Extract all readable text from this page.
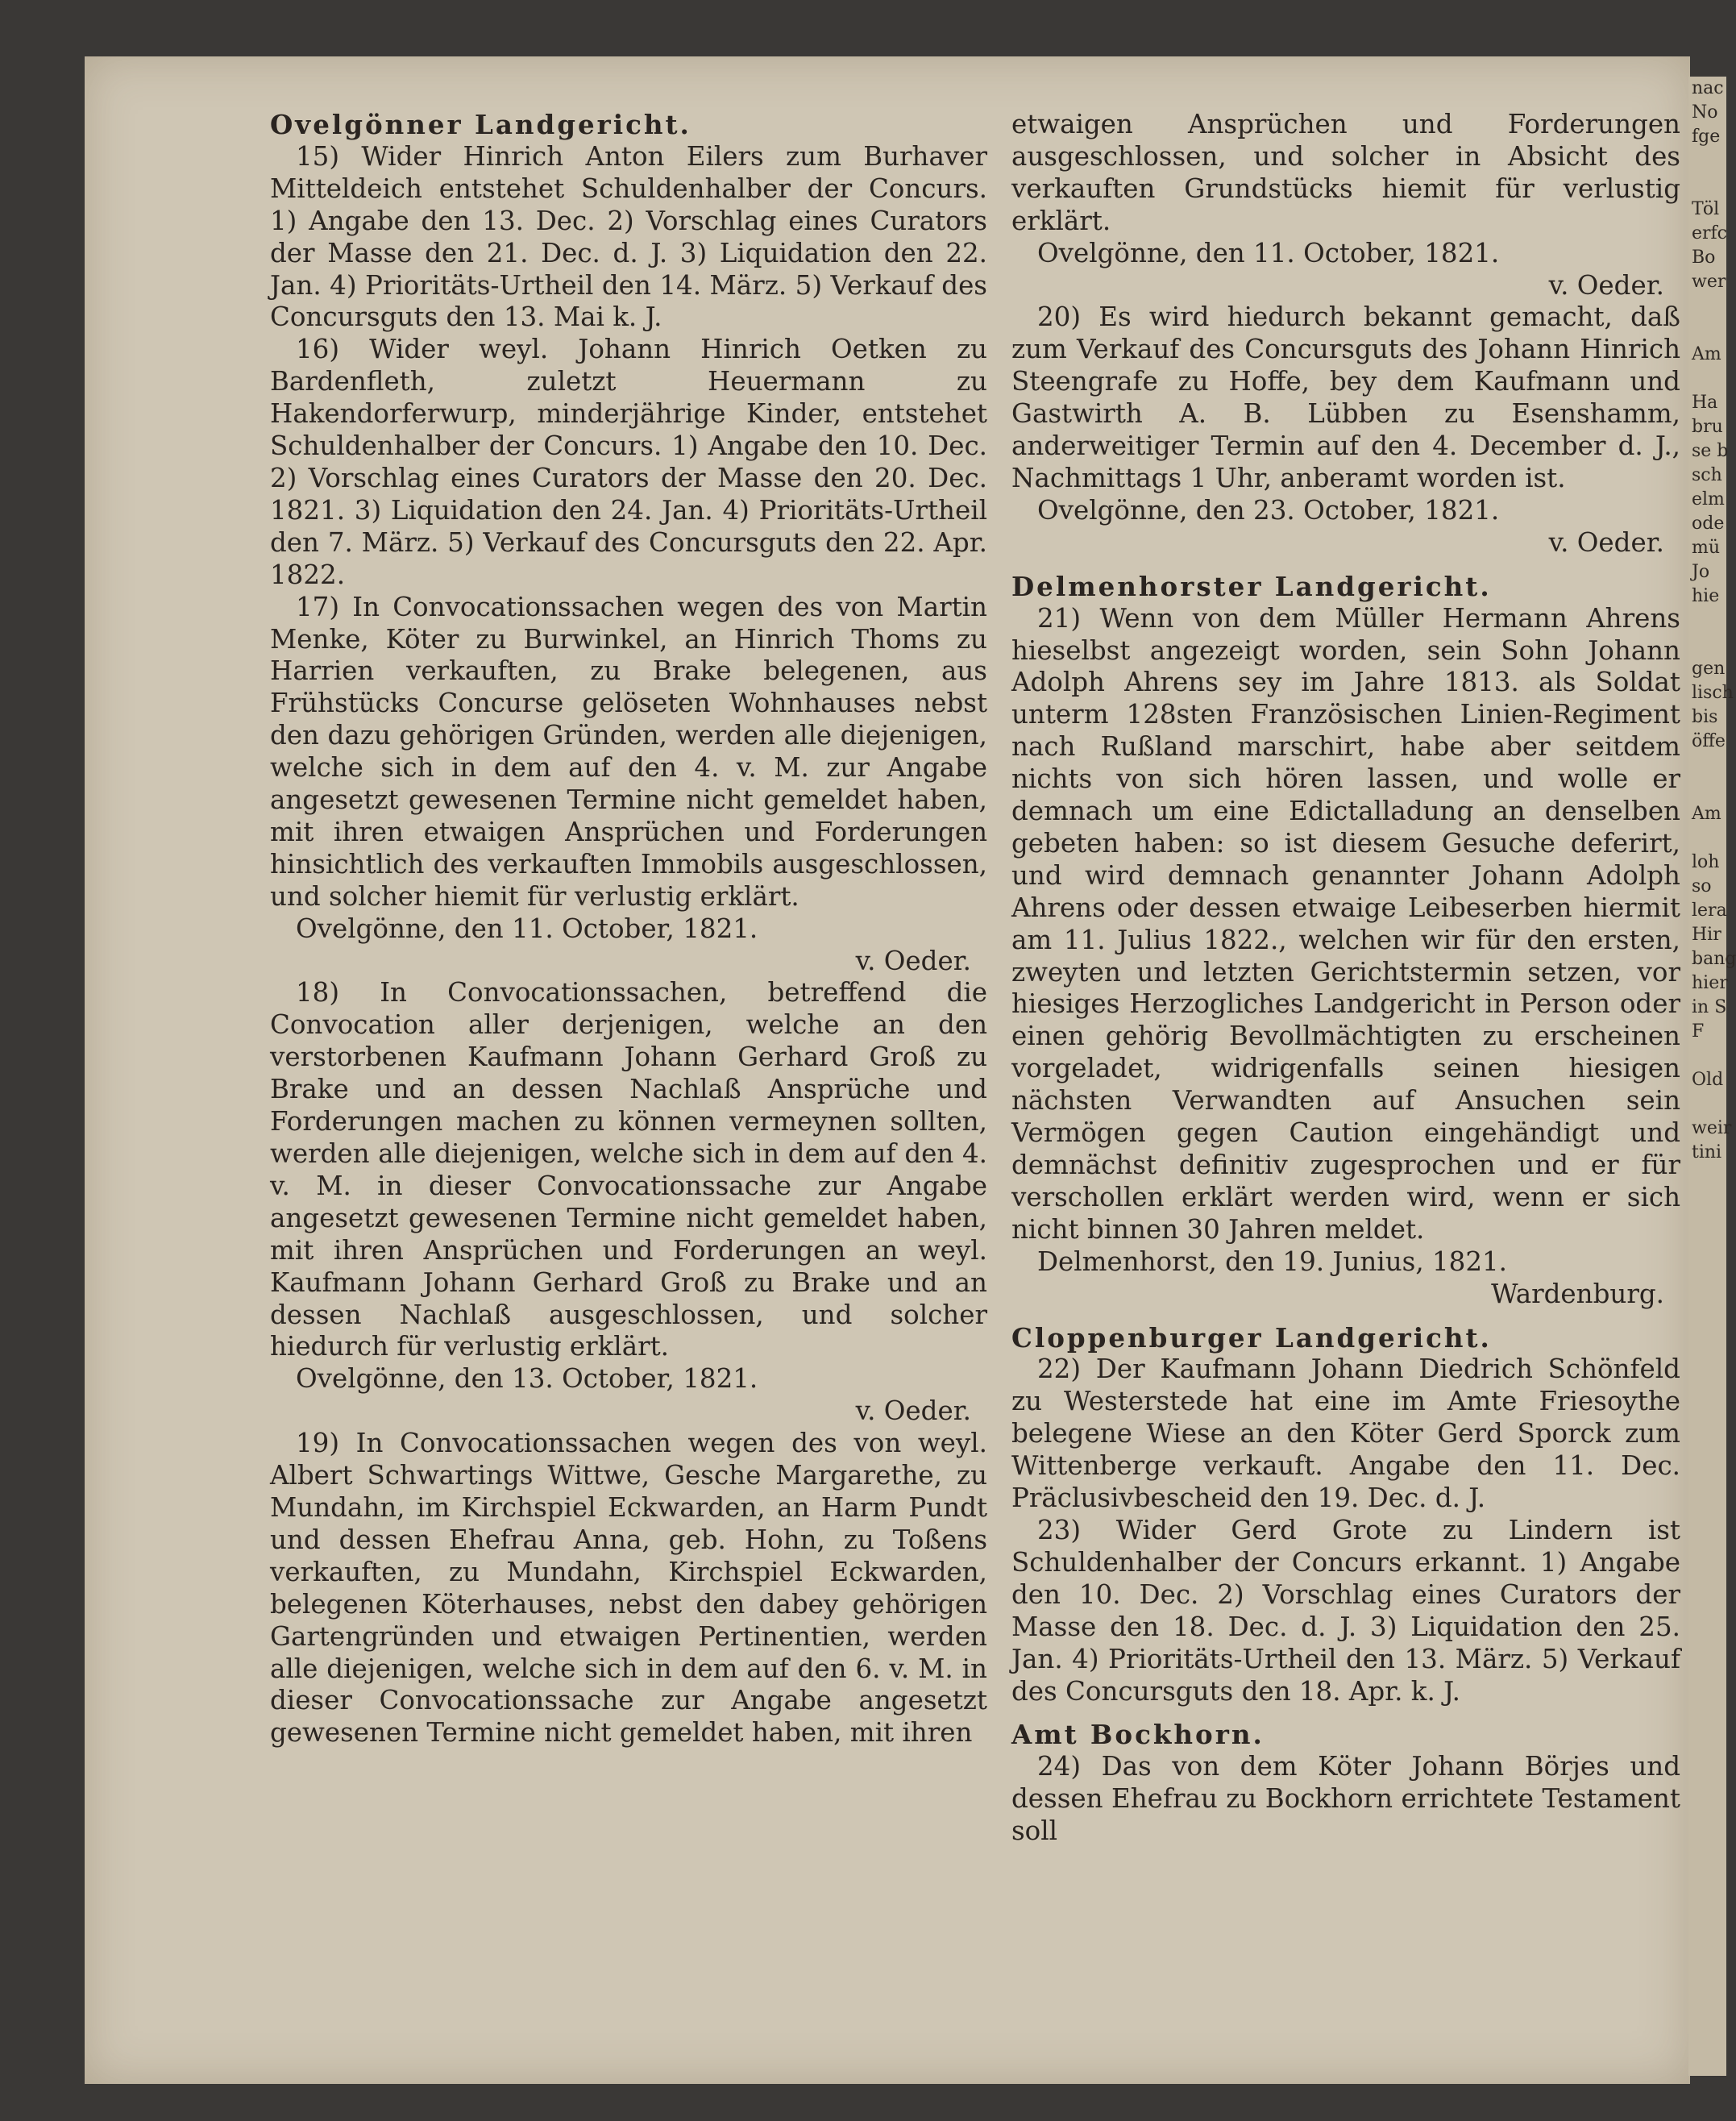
nac
No
fge

Töl
erfc
Bo
wer

Am

Ha
bru
se b
sch
elm
ode
mü
Jo
hie

gen
lisch
bis
öffe

Am

loh
so
lera
Hir
bang
hier
in S
F

Old

weir
tini
Ovelgönner Landgericht.

15) Wider Hinrich Anton Eilers zum Burhaver Mitteldeich entstehet Schuldenhalber der Concurs. 1) Angabe den 13. Dec. 2) Vorschlag eines Curators der Masse den 21. Dec. d. J. 3) Liquidation den 22. Jan. 4) Prioritäts-Urtheil den 14. März. 5) Verkauf des Concursguts den 13. Mai k. J.

16) Wider weyl. Johann Hinrich Oetken zu Bardenfleth, zuletzt Heuermann zu Hakendorferwurp, minderjährige Kinder, entstehet Schuldenhalber der Concurs. 1) Angabe den 10. Dec. 2) Vorschlag eines Curators der Masse den 20. Dec. 1821. 3) Liquidation den 24. Jan. 4) Prioritäts-Urtheil den 7. März. 5) Verkauf des Concursguts den 22. Apr. 1822.

17) In Convocationssachen wegen des von Martin Menke, Köter zu Burwinkel, an Hinrich Thoms zu Harrien verkauften, zu Brake belegenen, aus Frühstücks Concurse gelöseten Wohnhauses nebst den dazu gehörigen Gründen, werden alle diejenigen, welche sich in dem auf den 4. v. M. zur Angabe angesetzt gewesenen Termine nicht gemeldet haben, mit ihren etwaigen Ansprüchen und Forderungen hinsichtlich des verkauften Immobils ausgeschlossen, und solcher hiemit für verlustig erklärt.

Ovelgönne, den 11. October, 1821.
v. Oeder.

18) In Convocationssachen, betreffend die Convocation aller derjenigen, welche an den verstorbenen Kaufmann Johann Gerhard Groß zu Brake und an dessen Nachlaß Ansprüche und Forderungen machen zu können vermeynen sollten, werden alle diejenigen, welche sich in dem auf den 4. v. M. in dieser Convocationssache zur Angabe angesetzt gewesenen Termine nicht gemeldet haben, mit ihren Ansprüchen und Forderungen an weyl. Kaufmann Johann Gerhard Groß zu Brake und an dessen Nachlaß ausgeschlossen, und solcher hiedurch für verlustig erklärt.

Ovelgönne, den 13. October, 1821.
v. Oeder.

19) In Convocationssachen wegen des von weyl. Albert Schwartings Wittwe, Gesche Margarethe, zu Mundahn, im Kirchspiel Eckwarden, an Harm Pundt und dessen Ehefrau Anna, geb. Hohn, zu Toßens verkauften, zu Mundahn, Kirchspiel Eckwarden, belegenen Köterhauses, nebst den dabey gehörigen Gartengründen und etwaigen Pertinentien, werden alle diejenigen, welche sich in dem auf den 6. v. M. in dieser Convocationssache zur Angabe angesetzt gewesenen Termine nicht gemeldet haben, mit ihren

etwaigen Ansprüchen und Forderungen ausgeschlossen, und solcher in Absicht des verkauften Grundstücks hiemit für verlustig erklärt.

Ovelgönne, den 11. October, 1821.
v. Oeder.

20) Es wird hiedurch bekannt gemacht, daß zum Verkauf des Concursguts des Johann Hinrich Steengrafe zu Hoffe, bey dem Kaufmann und Gastwirth A. B. Lübben zu Esenshamm, anderweitiger Termin auf den 4. December d. J., Nachmittags 1 Uhr, anberamt worden ist.

Ovelgönne, den 23. October, 1821.
v. Oeder.
Delmenhorster Landgericht.

21) Wenn von dem Müller Hermann Ahrens hieselbst angezeigt worden, sein Sohn Johann Adolph Ahrens sey im Jahre 1813. als Soldat unterm 128sten Französischen Linien-Regiment nach Rußland marschirt, habe aber seitdem nichts von sich hören lassen, und wolle er demnach um eine Edictalladung an denselben gebeten haben: so ist diesem Gesuche deferirt, und wird demnach genannter Johann Adolph Ahrens oder dessen etwaige Leibeserben hiermit am 11. Julius 1822., welchen wir für den ersten, zweyten und letzten Gerichtstermin setzen, vor hiesiges Herzogliches Landgericht in Person oder einen gehörig Bevollmächtigten zu erscheinen vorgeladet, widrigenfalls seinen hiesigen nächsten Verwandten auf Ansuchen sein Vermögen gegen Caution eingehändigt und demnächst definitiv zugesprochen und er für verschollen erklärt werden wird, wenn er sich nicht binnen 30 Jahren meldet.

Delmenhorst, den 19. Junius, 1821.
Wardenburg.
Cloppenburger Landgericht.

22) Der Kaufmann Johann Diedrich Schönfeld zu Westerstede hat eine im Amte Friesoythe belegene Wiese an den Köter Gerd Sporck zum Wittenberge verkauft. Angabe den 11. Dec. Präclusivbescheid den 19. Dec. d. J.

23) Wider Gerd Grote zu Lindern ist Schuldenhalber der Concurs erkannt. 1) Angabe den 10. Dec. 2) Vorschlag eines Curators der Masse den 18. Dec. d. J. 3) Liquidation den 25. Jan. 4) Prioritäts-Urtheil den 13. März. 5) Verkauf des Concursguts den 18. Apr. k. J.

Amt Bockhorn.

24) Das von dem Köter Johann Börjes und dessen Ehefrau zu Bockhorn errichtete Testament soll
